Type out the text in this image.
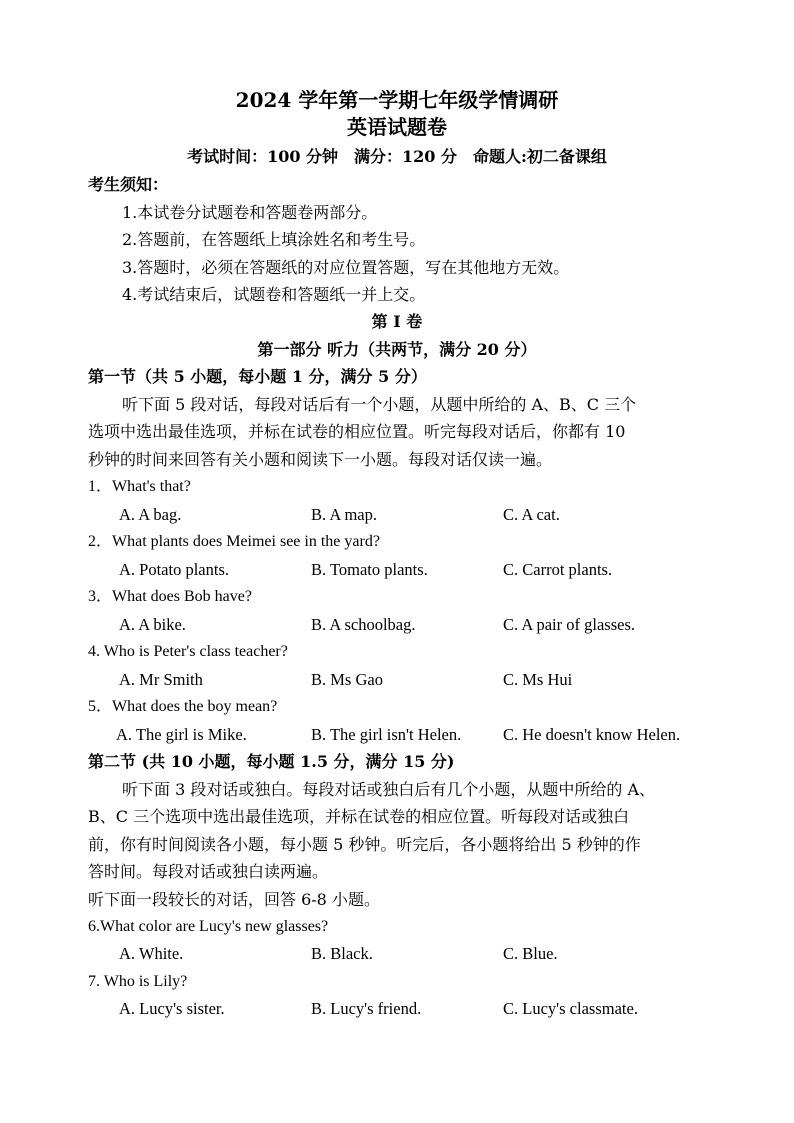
2024 学年第一学期七年级学情调研
英语试题卷
考试时间：100 分钟　满分：120 分　命题人:初二备课组
考生须知：
1.本试卷分试题卷和答题卷两部分。
2.答题前，在答题纸上填涂姓名和考生号。
3.答题时，必须在答题纸的对应位置答题，写在其他地方无效。
4.考试结束后，试题卷和答题纸一并上交。
第 I 卷
第一部分 听力（共两节，满分 20 分）
第一节（共 5 小题，每小题 1 分，满分 5 分）
听下面 5 段对话，每段对话后有一个小题，从题中所给的 A、B、C 三个
选项中选出最佳选项，并标在试卷的相应位置。听完每段对话后，你都有 10
秒钟的时间来回答有关小题和阅读下一小题。每段对话仅读一遍。
1．What's that?
A. A bag.	B. A map.	C. A cat.
2．What plants does Meimei see in the yard?
A. Potato plants.	B. Tomato plants.	C. Carrot plants.
3．What does Bob have?
A. A bike.	B. A schoolbag.	C. A pair of glasses.
4. Who is Peter's class teacher?
A. Mr Smith	B. Ms Gao	C. Ms Hui
5．What does the boy mean?
A. The girl is Mike.	B. The girl isn't Helen.	C. He doesn't know Helen.
第二节 (共 10 小题，每小题 1.5 分，满分 15 分)
听下面 3 段对话或独白。每段对话或独白后有几个小题，从题中所给的 A、
B、C 三个选项中选出最佳选项，并标在试卷的相应位置。听每段对话或独白
前，你有时间阅读各小题，每小题 5 秒钟。听完后，各小题将给出 5 秒钟的作
答时间。每段对话或独白读两遍。
听下面一段较长的对话，回答 6-8 小题。
6.What color are Lucy's new glasses?
A. White.	B. Black.	C. Blue.
7. Who is Lily?
A. Lucy's sister.	B. Lucy's friend.	C. Lucy's classmate.
